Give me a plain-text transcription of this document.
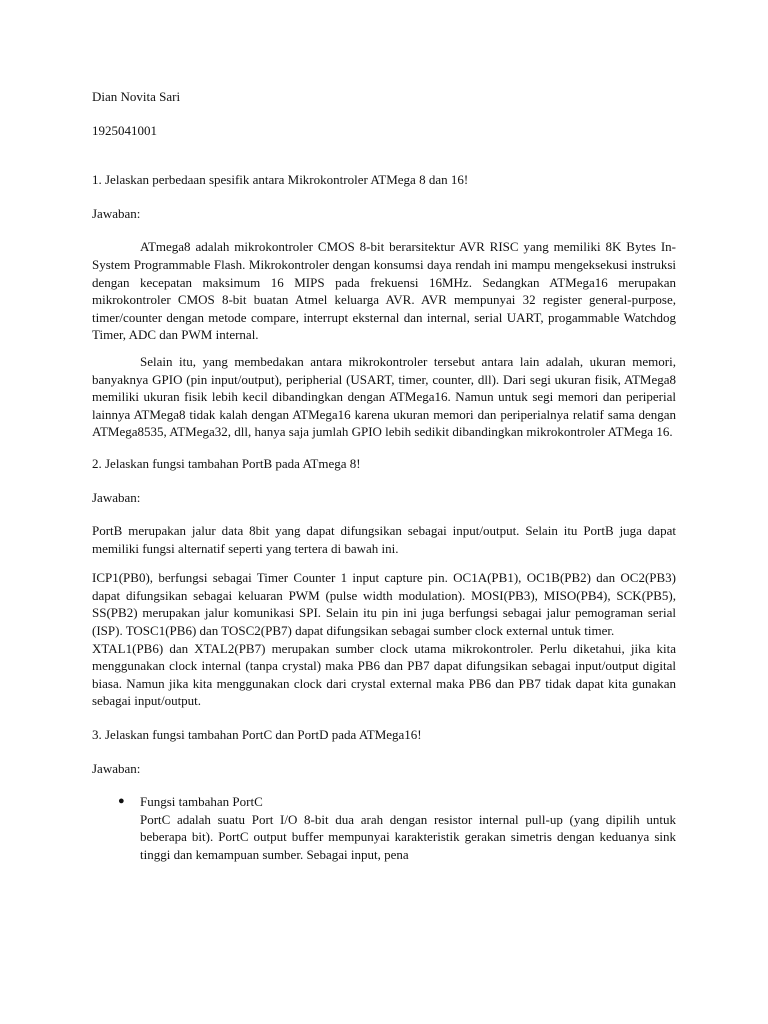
Dian Novita Sari

1925041001

1. Jelaskan perbedaan spesifik antara Mikrokontroler ATMega 8 dan 16!

Jawaban:

ATmega8 adalah mikrokontroler CMOS 8-bit berarsitektur AVR RISC yang memiliki 8K Bytes In-System Programmable Flash. Mikrokontroler dengan konsumsi daya rendah ini mampu mengeksekusi instruksi dengan kecepatan maksimum 16 MIPS pada frekuensi 16MHz. Sedangkan ATMega16 merupakan mikrokontroler CMOS 8-bit buatan Atmel keluarga AVR. AVR mempunyai 32 register general-purpose, timer/counter dengan metode compare, interrupt eksternal dan internal, serial UART, progammable Watchdog Timer, ADC dan PWM internal.

Selain itu, yang membedakan antara mikrokontroler tersebut antara lain adalah, ukuran memori, banyaknya GPIO (pin input/output), peripherial (USART, timer, counter, dll). Dari segi ukuran fisik, ATMega8 memiliki ukuran fisik lebih kecil dibandingkan dengan ATMega16. Namun untuk segi memori dan periperial lainnya ATMega8 tidak kalah dengan ATMega16 karena ukuran memori dan periperialnya relatif sama dengan ATMega8535, ATMega32, dll, hanya saja jumlah GPIO lebih sedikit dibandingkan mikrokontroler ATMega 16.

2. Jelaskan fungsi tambahan PortB pada ATmega 8!

Jawaban:

PortB merupakan jalur data 8bit yang dapat difungsikan sebagai input/output. Selain itu PortB juga dapat memiliki fungsi alternatif seperti yang tertera di bawah ini.

ICP1(PB0), berfungsi sebagai Timer Counter 1 input capture pin. OC1A(PB1), OC1B(PB2) dan OC2(PB3) dapat difungsikan sebagai keluaran PWM (pulse width modulation). MOSI(PB3), MISO(PB4), SCK(PB5), SS(PB2) merupakan jalur komunikasi SPI. Selain itu pin ini juga berfungsi sebagai jalur pemograman serial (ISP). TOSC1(PB6) dan TOSC2(PB7) dapat difungsikan sebagai sumber clock external untuk timer.

XTAL1(PB6) dan XTAL2(PB7) merupakan sumber clock utama mikrokontroler. Perlu diketahui, jika kita menggunakan clock internal (tanpa crystal) maka PB6 dan PB7 dapat difungsikan sebagai input/output digital biasa. Namun jika kita menggunakan clock dari crystal external maka PB6 dan PB7 tidak dapat kita gunakan sebagai input/output.

3. Jelaskan fungsi tambahan PortC dan PortD pada ATMega16!

Jawaban:

● Fungsi tambahan PortC

PortC adalah suatu Port I/O 8-bit dua arah dengan resistor internal pull-up (yang dipilih untuk beberapa bit). PortC output buffer mempunyai karakteristik gerakan simetris dengan keduanya sink tinggi dan kemampuan sumber. Sebagai input, pena
